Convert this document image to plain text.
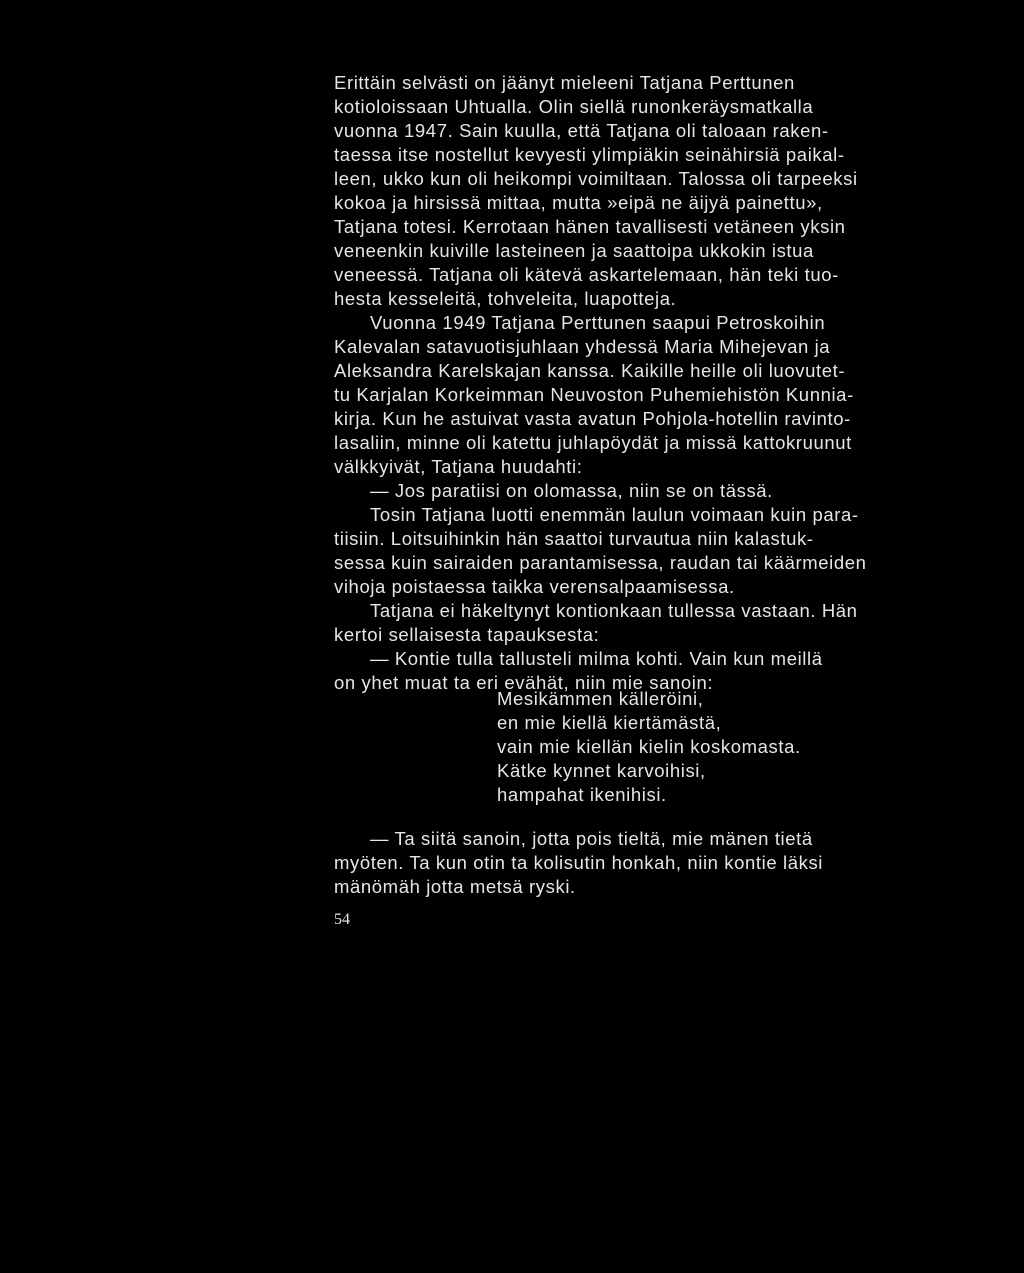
Erittäin selvästi on jäänyt mieleeni Tatjana Perttunen

kotioloissaan Uhtualla. Olin siellä runonkeräysmatkalla

vuonna 1947. Sain kuulla, että Tatjana oli taloaan raken-

taessa itse nostellut kevyesti ylimpiäkin seinähirsiä paikal-

leen, ukko kun oli heikompi voimiltaan. Talossa oli tarpeeksi

kokoa ja hirsissä mittaa, mutta »eipä ne äijyä painettu»,

Tatjana totesi. Kerrotaan hänen tavallisesti vetäneen yksin

veneenkin kuiville lasteineen ja saattoipa ukkokin istua

veneessä. Tatjana oli kätevä askartelemaan, hän teki tuo-

hesta kesseleitä, tohveleita, luapotteja.

Vuonna 1949 Tatjana Perttunen saapui Petroskoihin

Kalevalan satavuotisjuhlaan yhdessä Maria Mihejevan ja

Aleksandra Karelskajan kanssa. Kaikille heille oli luovutet-

tu Karjalan Korkeimman Neuvoston Puhemiehistön Kunnia-

kirja. Kun he astuivat vasta avatun Pohjola-hotellin ravinto-

lasaliin, minne oli katettu juhlapöydät ja missä kattokruunut

välkkyivät, Tatjana huudahti:

— Jos paratiisi on olomassa, niin se on tässä.

Tosin Tatjana luotti enemmän laulun voimaan kuin para-

tiisiin. Loitsuihinkin hän saattoi turvautua niin kalastuk-

sessa kuin sairaiden parantamisessa, raudan tai käärmeiden

vihoja poistaessa taikka verensalpaamisessa.

Tatjana ei häkeltynyt kontionkaan tullessa vastaan. Hän

kertoi sellaisesta tapauksesta:

— Kontie tulla tallusteli milma kohti. Vain kun meillä

on yhet muat ta eri evähät, niin mie sanoin:

Mesikämmen källeröini,

en mie kiellä kiertämästä,

vain mie kiellän kielin koskomasta.

Kätke kynnet karvoihisi,

hampahat ikenihisi.

— Ta siitä sanoin, jotta pois tieltä, mie mänen tietä

myöten. Ta kun otin ta kolisutin honkah, niin kontie läksi

mänömäh jotta metsä ryski.

54
